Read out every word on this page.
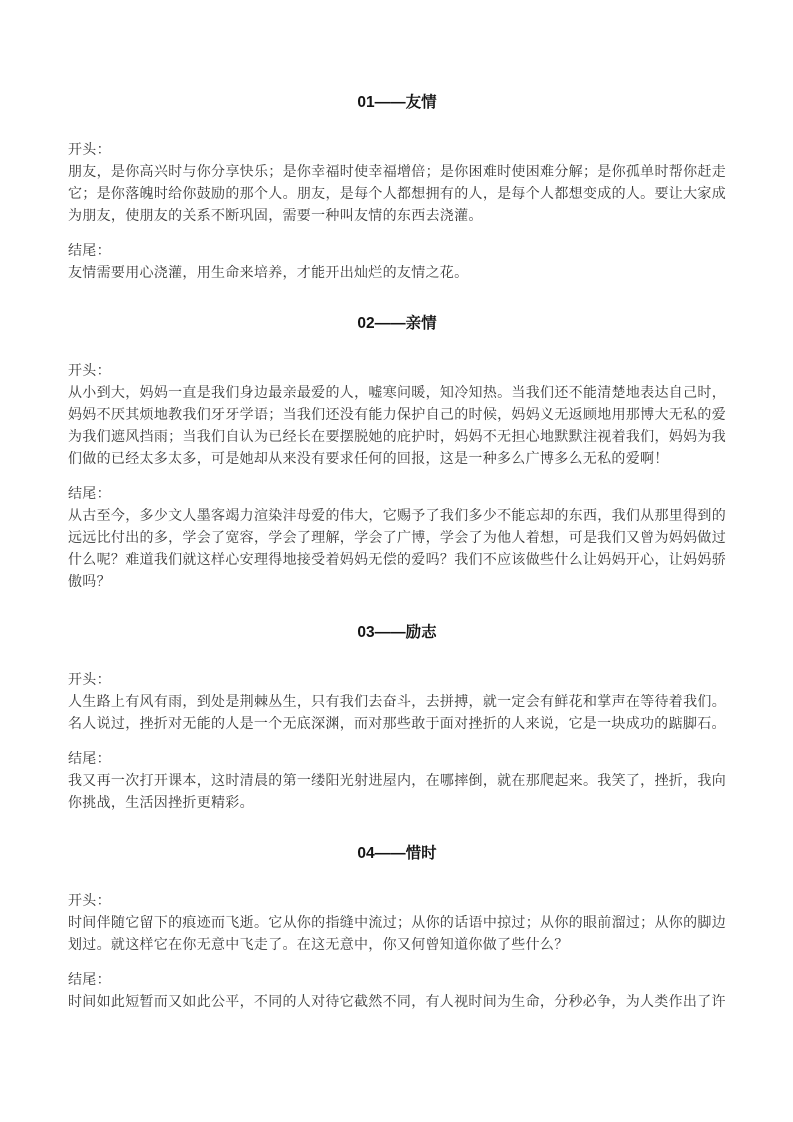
01——友情
开头：

朋友，是你高兴时与你分享快乐；是你幸福时使幸福增倍；是你困难时使困难分解；是你孤单时帮你赶走它；是你落魄时给你鼓励的那个人。朋友，是每个人都想拥有的人，是每个人都想变成的人。要让大家成为朋友，使朋友的关系不断巩固，需要一种叫友情的东西去浇灌。

结尾：

友情需要用心浇灌，用生命来培养，才能开出灿烂的友情之花。

02——亲情
开头：

从小到大，妈妈一直是我们身边最亲最爱的人，嘘寒问暖，知冷知热。当我们还不能清楚地表达自己时，妈妈不厌其烦地教我们牙牙学语；当我们还没有能力保护自己的时候，妈妈义无返顾地用那博大无私的爱为我们遮风挡雨；当我们自认为已经长在要摆脱她的庇护时，妈妈不无担心地默默注视着我们，妈妈为我们做的已经太多太多，可是她却从来没有要求任何的回报，这是一种多么广博多么无私的爱啊！

结尾：

从古至今，多少文人墨客竭力渲染沣母爱的伟大，它赐予了我们多少不能忘却的东西，我们从那里得到的远远比付出的多，学会了宽容，学会了理解，学会了广博，学会了为他人着想，可是我们又曾为妈妈做过什么呢？难道我们就这样心安理得地接受着妈妈无偿的爱吗？我们不应该做些什么让妈妈开心，让妈妈骄傲吗？

03——励志
开头：

人生路上有风有雨，到处是荆棘丛生，只有我们去奋斗，去拼搏，就一定会有鲜花和掌声在等待着我们。名人说过，挫折对无能的人是一个无底深渊，而对那些敢于面对挫折的人来说，它是一块成功的踮脚石。

结尾：

我又再一次打开课本，这时清晨的第一缕阳光射进屋内，在哪摔倒，就在那爬起来。我笑了，挫折，我向你挑战，生活因挫折更精彩。

04——惜时
开头：

时间伴随它留下的痕迹而飞逝。它从你的指缝中流过；从你的话语中掠过；从你的眼前溜过；从你的脚边划过。就这样它在你无意中飞走了。在这无意中，你又何曾知道你做了些什么？

结尾：

时间如此短暂而又如此公平，不同的人对待它截然不同，有人视时间为生命，分秒必争，为人类作出了许
